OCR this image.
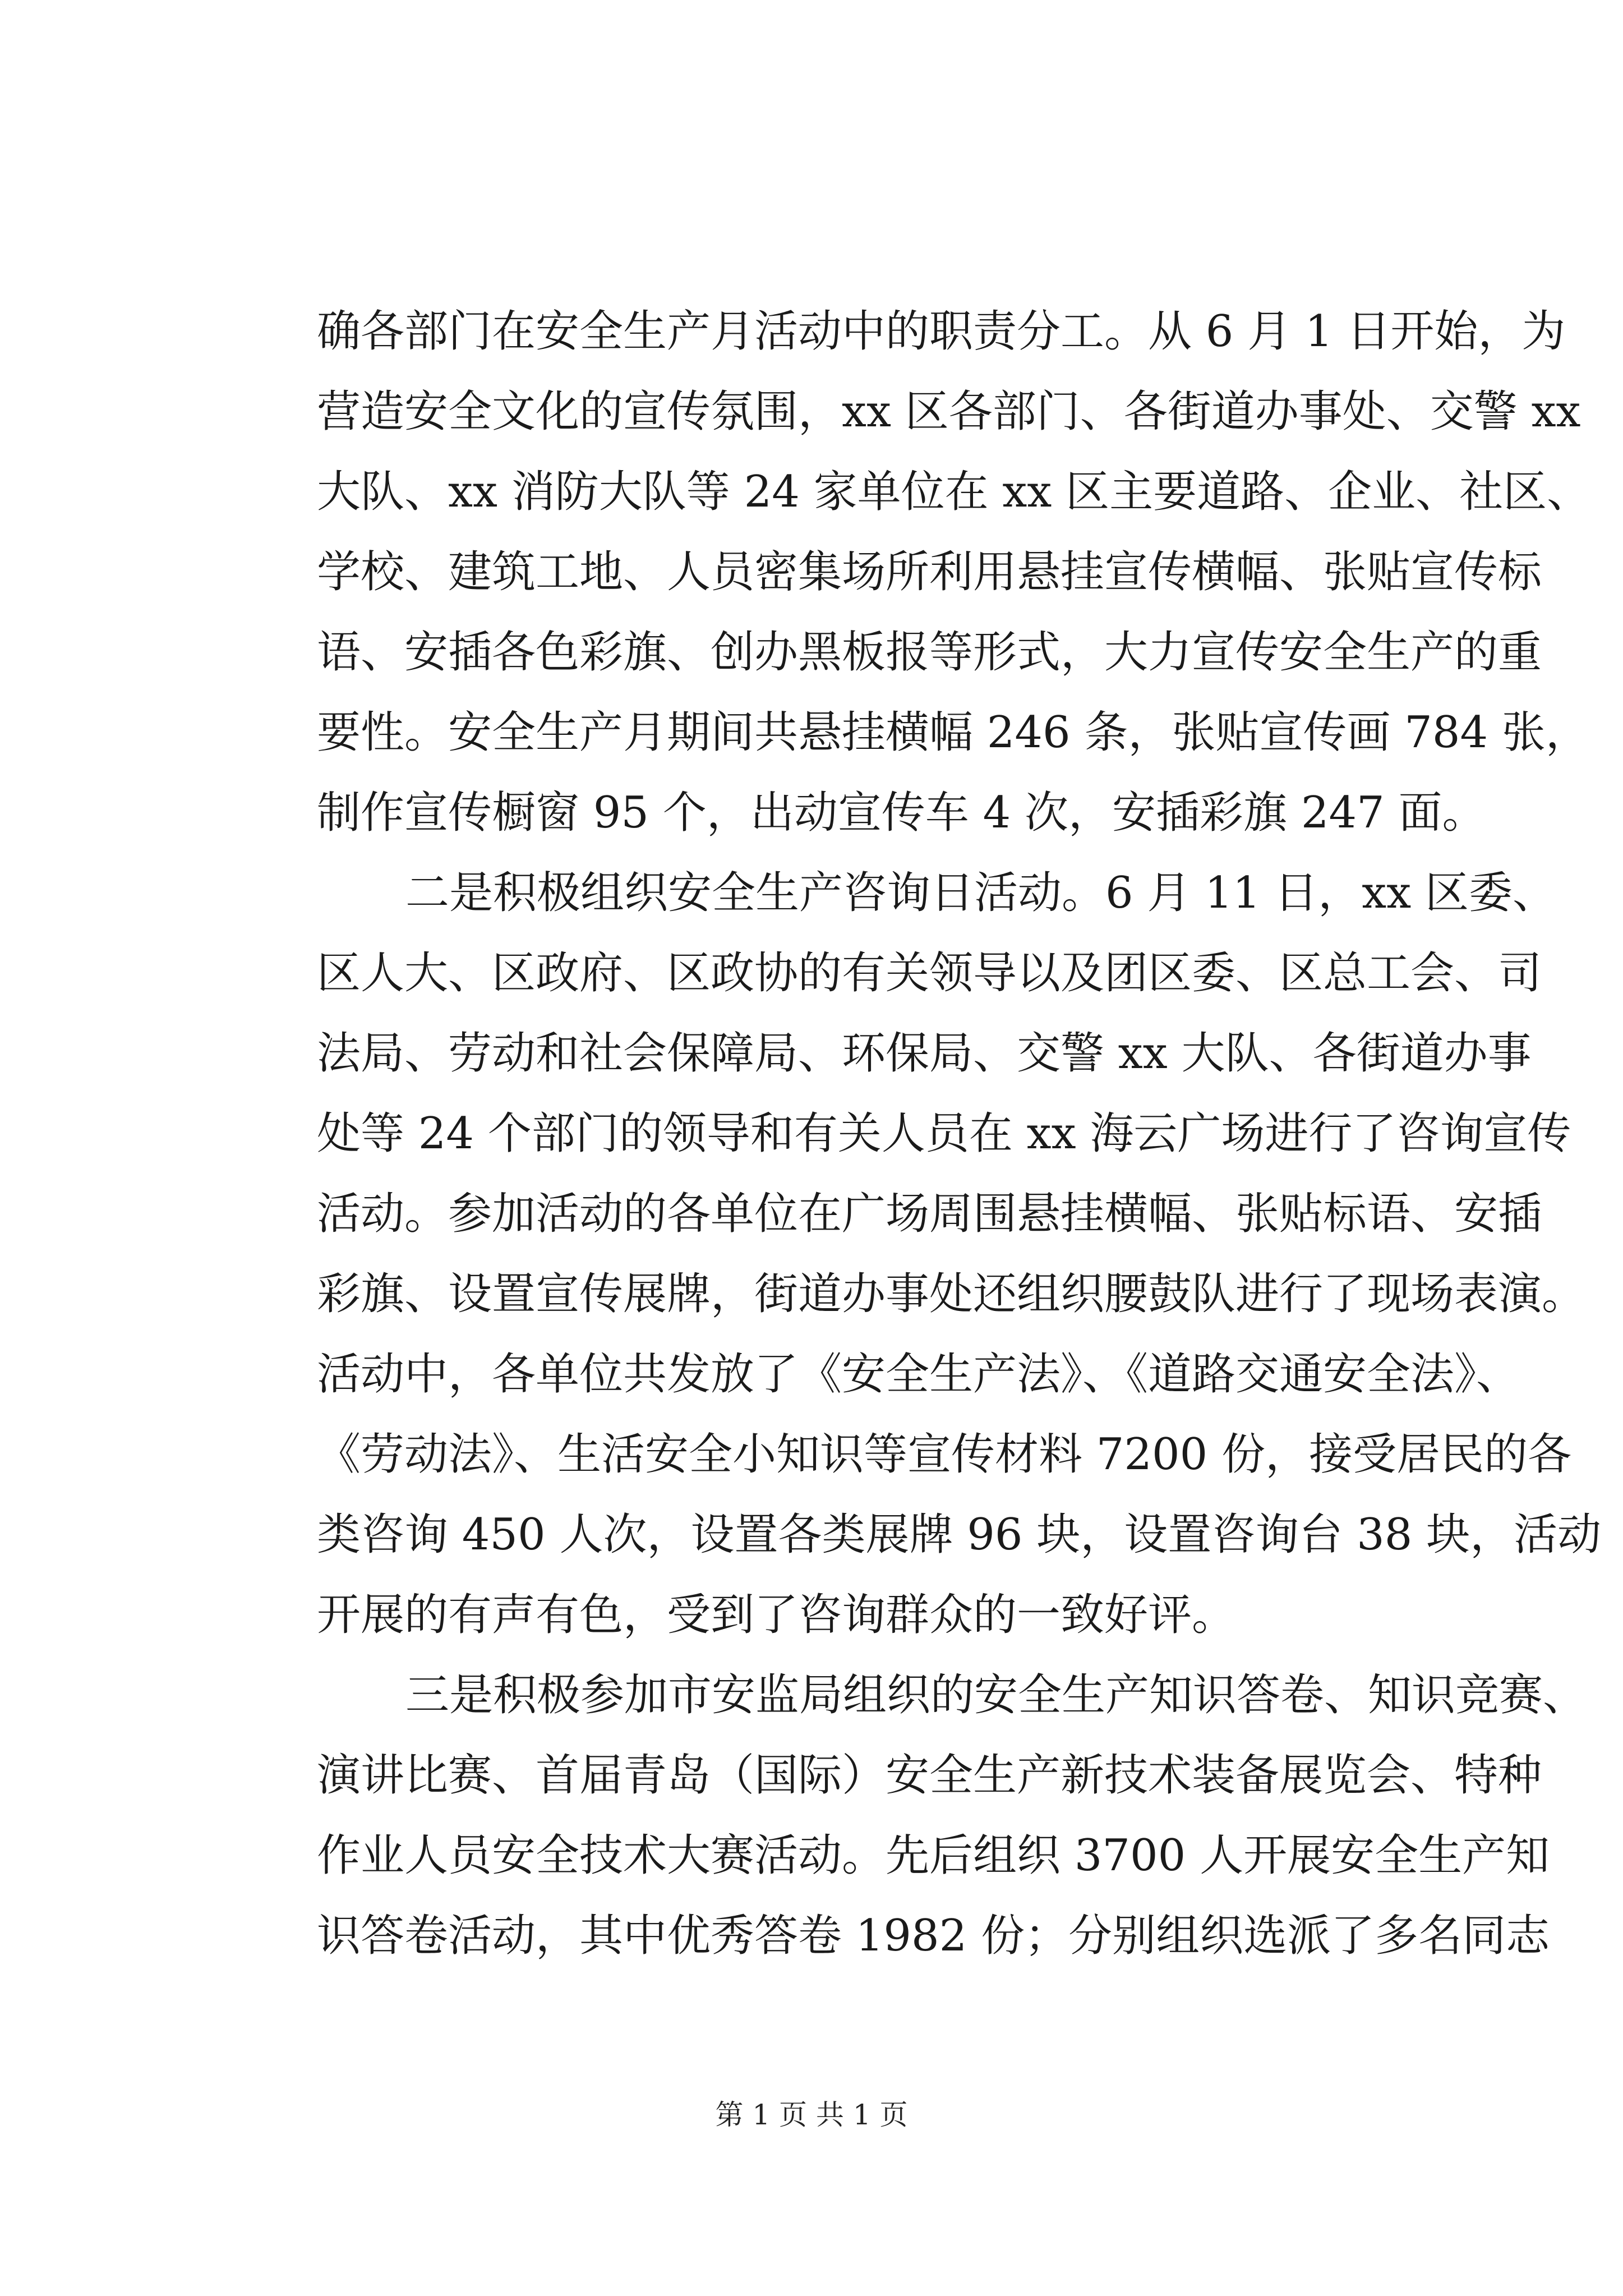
确各部门在安全生产月活动中的职责分工。从 6 月 1 日开始，为
营造安全文化的宣传氛围，xx 区各部门、各街道办事处、交警 xx
大队、xx 消防大队等 24 家单位在 xx 区主要道路、企业、社区、
学校、建筑工地、人员密集场所利用悬挂宣传横幅、张贴宣传标
语、安插各色彩旗、创办黑板报等形式，大力宣传安全生产的重
要性。安全生产月期间共悬挂横幅 246 条，张贴宣传画 784 张，
制作宣传橱窗 95 个，出动宣传车 4 次，安插彩旗 247 面。
二是积极组织安全生产咨询日活动。6 月 11 日，xx 区委、
区人大、区政府、区政协的有关领导以及团区委、区总工会、司
法局、劳动和社会保障局、环保局、交警 xx 大队、各街道办事
处等 24 个部门的领导和有关人员在 xx 海云广场进行了咨询宣传
活动。参加活动的各单位在广场周围悬挂横幅、张贴标语、安插
彩旗、设置宣传展牌，街道办事处还组织腰鼓队进行了现场表演。
活动中，各单位共发放了《安全生产法》、《道路交通安全法》、
《劳动法》、生活安全小知识等宣传材料 7200 份，接受居民的各
类咨询 450 人次，设置各类展牌 96 块，设置咨询台 38 块，活动
开展的有声有色，受到了咨询群众的一致好评。
三是积极参加市安监局组织的安全生产知识答卷、知识竞赛、
演讲比赛、首届青岛（国际）安全生产新技术装备展览会、特种
作业人员安全技术大赛活动。先后组织 3700 人开展安全生产知
识答卷活动，其中优秀答卷 1982 份；分别组织选派了多名同志
第 1 页 共 1 页
